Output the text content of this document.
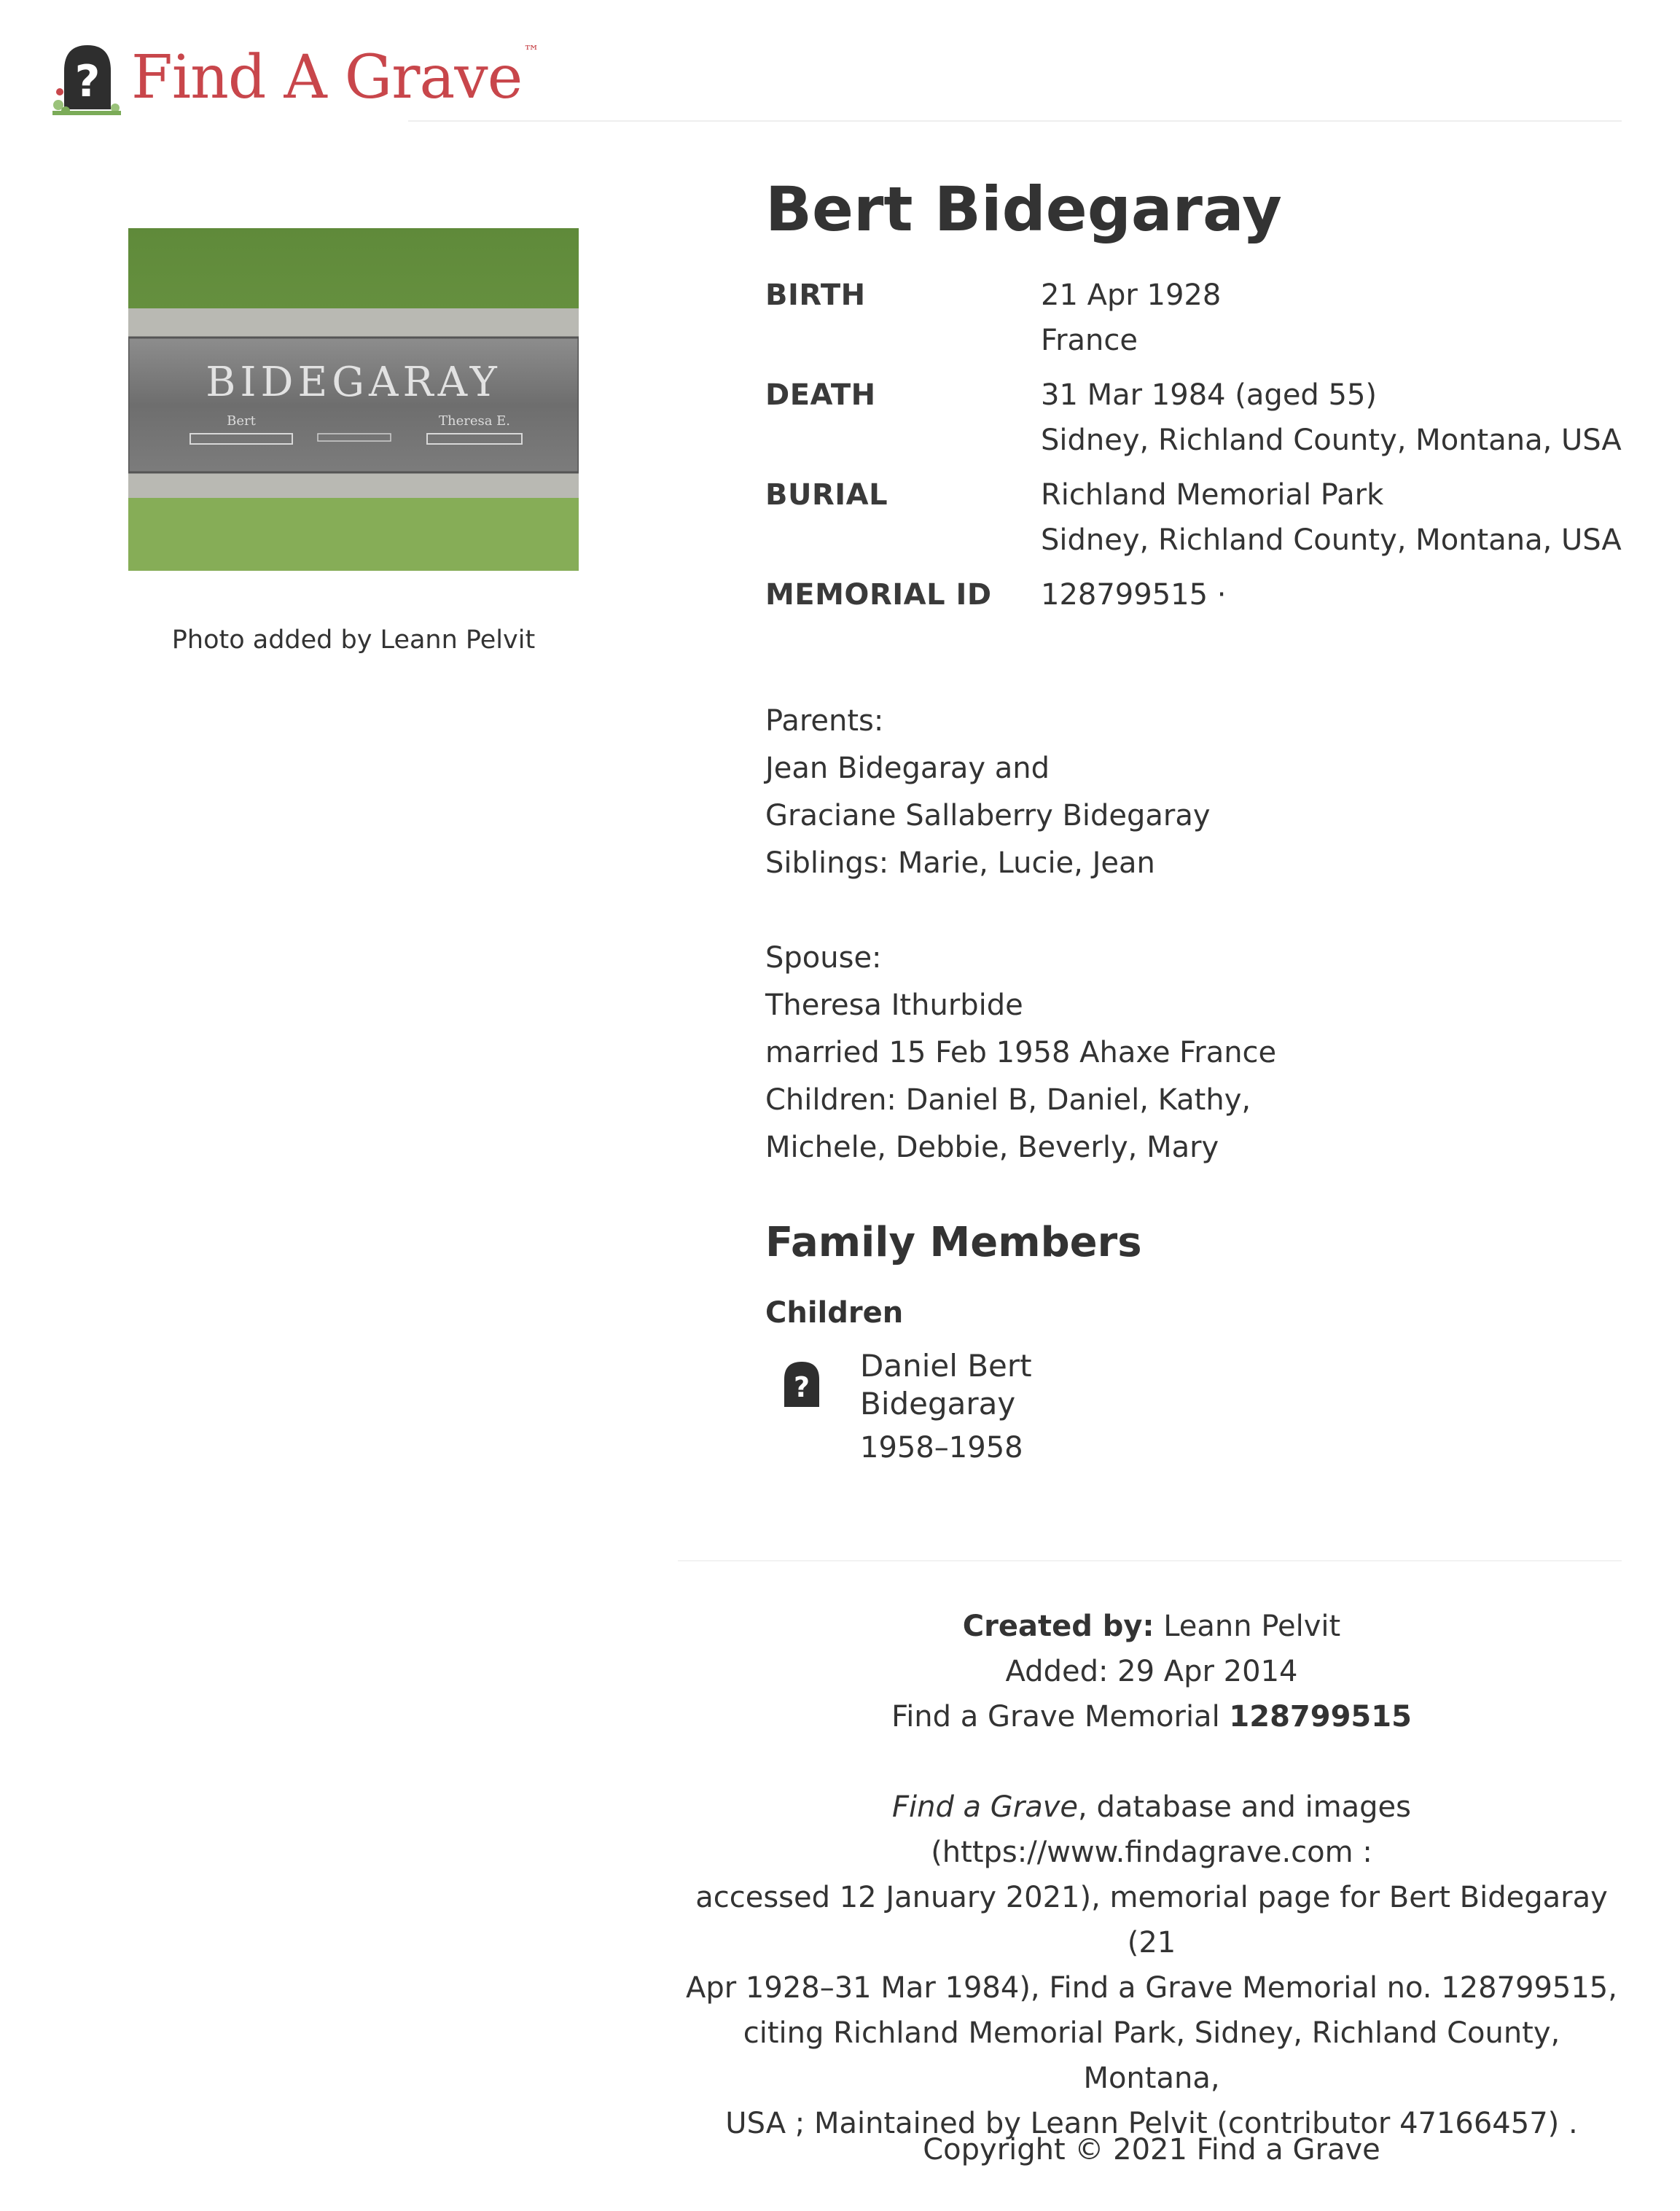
? Find A Grave™
BIDEGARAY
Bert	Theresa E.
Photo added by Leann Pelvit
Bert Bidegaray
BIRTH	21 Apr 1928
France
DEATH	31 Mar 1984 (aged 55)
Sidney, Richland County, Montana, USA
BURIAL	Richland Memorial Park
Sidney, Richland County, Montana, USA
MEMORIAL ID 128799515 ·
Parents:
Jean Bidegaray and
Graciane Sallaberry Bidegaray
Siblings: Marie, Lucie, Jean
Spouse:
Theresa Ithurbide
married 15 Feb 1958 Ahaxe France
Children: Daniel B, Daniel, Kathy,
Michele, Debbie, Beverly, Mary
Family Members
Children
?
Daniel Bert
Bidegaray
1958–1958
Created by: Leann Pelvit
Added: 29 Apr 2014
Find a Grave Memorial 128799515
Find a Grave, database and images (https://www.findagrave.com :
accessed 12 January 2021), memorial page for Bert Bidegaray (21
Apr 1928–31 Mar 1984), Find a Grave Memorial no. 128799515,
citing Richland Memorial Park, Sidney, Richland County, Montana,
USA ; Maintained by Leann Pelvit (contributor 47166457) .
Copyright © 2021 Find a Grave
